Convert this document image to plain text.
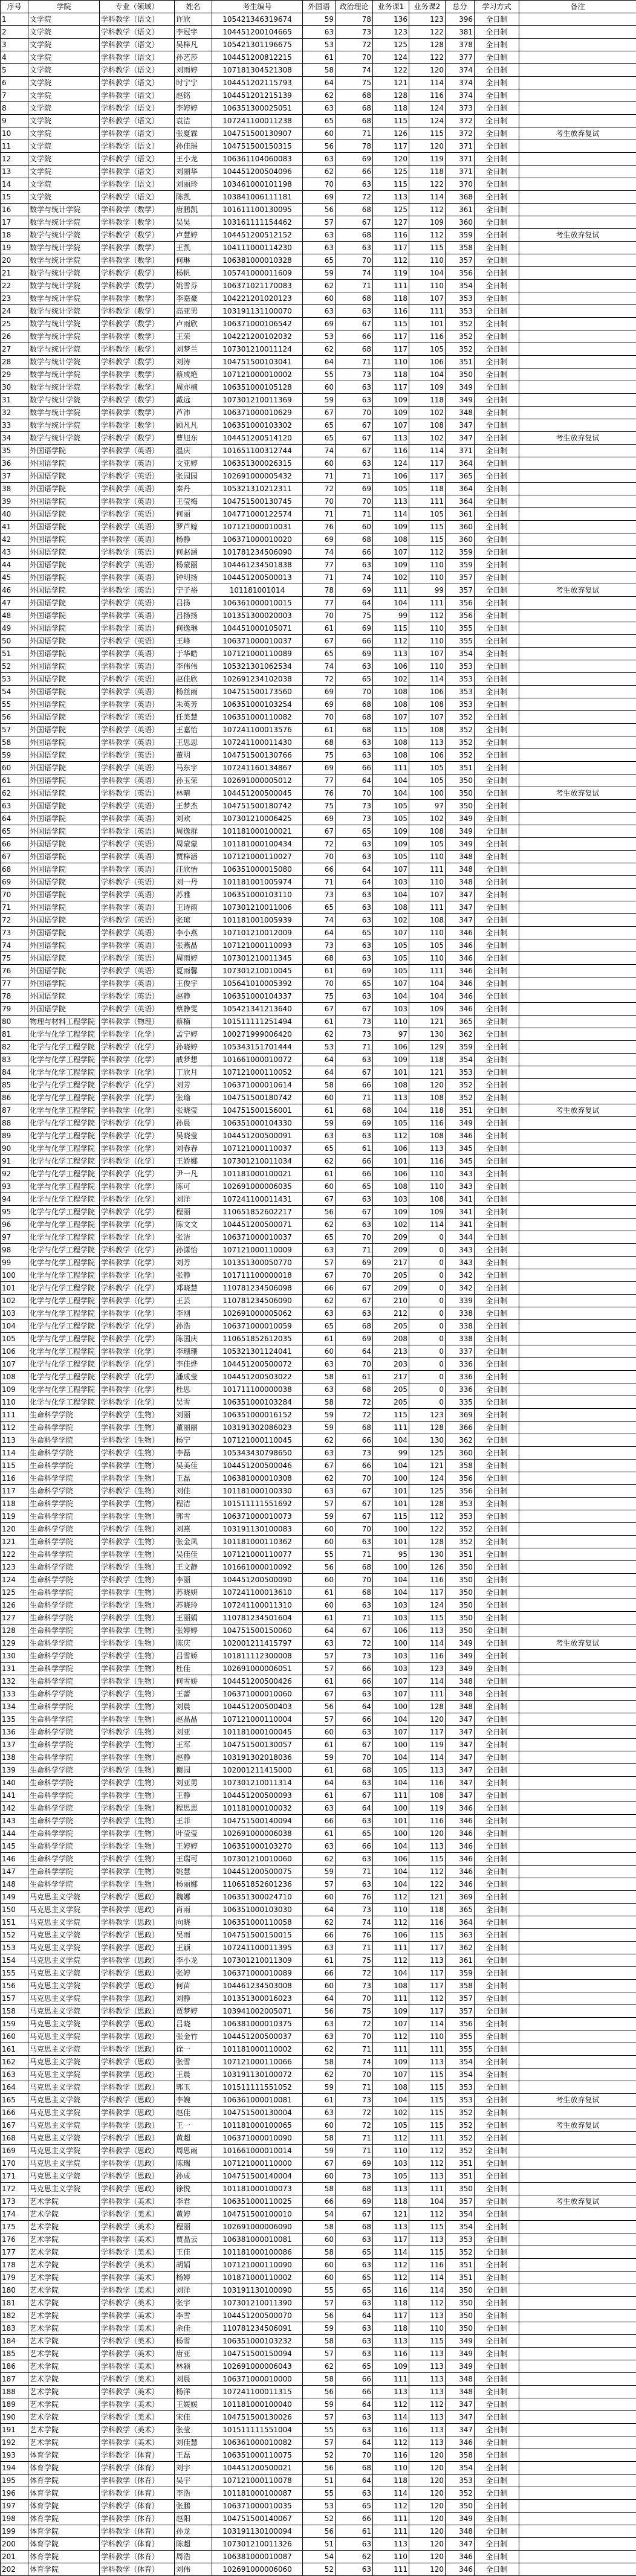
序号	学院	专业（领域）	姓名	考生编号	外国语	政治理论	业务课1	业务课2	总分	学习方式	备注
1	文学院	学科教学（语文）	许欣	105421346319674	59	78	136	123	396	全日制	
2	文学院	学科教学（语文）	李冠宇	104451200104665	63	73	123	122	381	全日制	
3	文学院	学科教学（语文）	吴梓凡	105421301196675	53	72	125	128	378	全日制	
4	文学院	学科教学（语文）	孙艺莎	104451200812215	61	70	124	122	377	全日制	
5	文学院	学科教学（语文）	刘雨婷	107181304521308	58	74	122	120	374	全日制	
6	文学院	学科教学（语文）	时宁宁	104451202115793	64	75	121	114	374	全日制	
7	文学院	学科教学（语文）	赵铭	104451201215139	62	68	128	116	374	全日制	
8	文学院	学科教学（语文）	李婷婷	106351300025051	63	68	118	124	373	全日制	
9	文学院	学科教学（语文）	袁洁	107241100011238	65	68	115	124	372	全日制	
10	文学院	学科教学（语文）	张夏霖	104751500130907	60	71	126	115	372	全日制	考生放弃复试
11	文学院	学科教学（语文）	孙佳瑶	104751500150315	56	78	117	120	371	全日制	
12	文学院	学科教学（语文）	王小龙	106361104060083	63	69	120	119	371	全日制	
13	文学院	学科教学（语文）	刘丽华	104451200504096	62	66	125	118	371	全日制	
14	文学院	学科教学（语文）	刘丽珍	103461000101198	70	63	115	122	370	全日制	
15	文学院	学科教学（语文）	陈凯	103841006111181	69	72	113	114	368	全日制	
16	数学与统计学院	学科教学（数学）	唐鹏凯	101611100130095	56	68	125	112	361	全日制	
17	数学与统计学院	学科教学（数学）	吴昊	103161111154462	57	67	127	109	360	全日制	
18	数学与统计学院	学科教学（数学）	卢慧婷	104451200512152	63	68	116	112	359	全日制	考生放弃复试
19	数学与统计学院	学科教学（数学）	王凯	104111000114230	63	63	117	115	358	全日制	
20	数学与统计学院	学科教学（数学）	何琳	106381000010328	65	70	112	110	357	全日制	
21	数学与统计学院	学科教学（数学）	杨帆	105741000011609	59	74	119	104	356	全日制	
22	数学与统计学院	学科教学（数学）	姚雪芬	106371021170083	62	71	111	110	354	全日制	
23	数学与统计学院	学科教学（数学）	李嘉豪	104221201020123	60	68	118	107	353	全日制	
24	数学与统计学院	学科教学（数学）	高亚男	103191131100070	63	63	116	111	353	全日制	
25	数学与统计学院	学科教学（数学）	卢雨欣	106371000106542	69	67	115	101	352	全日制	
26	数学与统计学院	学科教学（数学）	王荣	104221200102032	53	66	117	116	352	全日制	
27	数学与统计学院	学科教学（数学）	刘梦兰	107301210011124	62	68	117	105	352	全日制	
28	数学与统计学院	学科教学（数学）	刘涛	104751500103041	64	71	110	106	351	全日制	
29	数学与统计学院	学科教学（数学）	蔡成艳	107121000010002	55	73	118	104	350	全日制	
30	数学与统计学院	学科教学（数学）	周亦楠	106351000105128	60	63	117	109	349	全日制	
31	数学与统计学院	学科教学（数学）	戴远	107301210011369	59	63	109	118	349	全日制	
32	数学与统计学院	学科教学（数学）	芦沛	106371000010629	67	70	109	102	348	全日制	
33	数学与统计学院	学科教学（数学）	顾凡凡	106351000103302	65	67	107	108	347	全日制	
34	数学与统计学院	学科教学（数学）	曹旭东	104451200514120	65	67	113	102	347	全日制	考生放弃复试
35	外国语学院	学科教学（英语）	温庆	101651100312744	74	67	116	114	371	全日制	
36	外国语学院	学科教学（英语）	文亚婷	106351300026315	60	63	124	117	364	全日制	
37	外国语学院	学科教学（英语）	张园园	102691000005432	71	71	106	117	365	全日制	
38	外国语学院	学科教学（英语）	秦丹	105321310212311	72	69	105	118	364	全日制	
39	外国语学院	学科教学（英语）	王莹梅	104751500130745	70	70	113	111	364	全日制	
40	外国语学院	学科教学（英语）	何丽	104771000122574	71	71	114	105	361	全日制	
41	外国语学院	学科教学（英语）	罗芦嫁	107121000010031	76	60	109	115	360	全日制	
42	外国语学院	学科教学（英语）	杨静	106371000010020	69	68	108	115	360	全日制	
43	外国语学院	学科教学（英语）	何赵涵	101781234506090	74	66	107	112	359	全日制	
44	外国语学院	学科教学（英语）	杨蒙丽	104461234501838	77	63	109	110	359	全日制	
45	外国语学院	学科教学（英语）	钟明扬	104451200500013	71	74	102	110	357	全日制	
46	外国语学院	学科教学（英语）	宁子裕	101181001014	78	69	111	99	357	全日制	考生放弃复试
47	外国语学院	学科教学（英语）	吕扬	106361000010015	77	64	104	111	356	全日制	
48	外国语学院	学科教学（英语）	吕扬扬	101351300020003	70	75	99	112	356	全日制	
49	外国语学院	学科教学（英语）	何逸琳	104451000105071	61	69	115	110	355	全日制	
50	外国语学院	学科教学（英语）	王峰	106371000010037	67	66	112	110	355	全日制	
51	外国语学院	学科教学（英语）	于华皓	107121000110089	65	69	113	107	354	全日制	
52	外国语学院	学科教学（英语）	李伟伟	105321301062534	74	63	106	110	353	全日制	
53	外国语学院	学科教学（英语）	赵佳欣	102691234102038	72	65	102	114	353	全日制	
54	外国语学院	学科教学（英语）	杨丝雨	104751500173560	69	70	108	106	353	全日制	
55	外国语学院	学科教学（英语）	朱英芳	106351000103254	69	68	108	108	353	全日制	
56	外国语学院	学科教学（英语）	任美慧	106351000110082	70	68	107	107	352	全日制	
57	外国语学院	学科教学（英语）	王嘉怡	107241100013576	61	68	115	108	352	全日制	
58	外国语学院	学科教学（英语）	王思思	107241100011430	68	63	108	113	352	全日制	
59	外国语学院	学科教学（英语）	董明	104751500130766	75	63	108	106	352	全日制	
60	外国语学院	学科教学（英语）	马东宇	107241160134867	69	66	111	105	351	全日制	
61	外国语学院	学科教学（英语）	孙玉荣	102691000005012	77	64	104	105	350	全日制	
62	外国语学院	学科教学（英语）	林晴	104451200500045	76	70	104	100	350	全日制	考生放弃复试
63	外国语学院	学科教学（英语）	王梦杰	104751500180742	75	73	105	97	350	全日制	
64	外国语学院	学科教学（英语）	刘欢	107301210006425	69	73	105	102	349	全日制	
65	外国语学院	学科教学（英语）	周逸群	101181000100021	67	65	109	108	349	全日制	
66	外国语学院	学科教学（英语）	周蒙蒙	101181000100434	72	63	109	105	349	全日制	
67	外国语学院	学科教学（英语）	贾梓涵	107121000110027	70	63	105	110	348	全日制	
68	外国语学院	学科教学（英语）	汪欣怡	106351000015080	66	64	107	111	348	全日制	
69	外国语学院	学科教学（英语）	刘一丹	101181001005974	71	64	103	110	348	全日制	
70	外国语学院	学科教学（英语）	苏雅	106351000103110	73	63	104	107	347	全日制	
71	外国语学院	学科教学（英语）	王诗雨	107301210011006	65	63	108	111	347	全日制	
72	外国语学院	学科教学（英语）	张琼	101181001005939	74	63	102	108	347	全日制	
73	外国语学院	学科教学（英语）	李小燕	107101210012009	64	65	107	110	346	全日制	
74	外国语学院	学科教学（英语）	张燕晶	107121000110093	73	63	105	105	346	全日制	
75	外国语学院	学科教学（英语）	周雨婷	107301210011345	68	63	105	110	346	全日制	
76	外国语学院	学科教学（英语）	夏雨馨	107301210010045	61	69	105	111	346	全日制	
77	外国语学院	学科教学（英语）	王俊宇	105641010005392	70	65	107	104	346	全日制	
78	外国语学院	学科教学（英语）	赵静	106351000104337	75	63	104	104	346	全日制	
79	外国语学院	学科教学（英语）	蔡静雯	105421341213640	67	67	103	109	346	全日制	
80	物理与材料工程学院	学科教学（物理）	蔡楠	101511111251494	61	73	110	121	365	全日制	
81	化学与化学工程学院	学科教学（化学）	孟宁婷	100271999006420	62	73	97	130	362	全日制	
82	化学与化学工程学院	学科教学（化学）	孙晓婷	105343151701444	53	71	106	129	359	全日制	
83	化学与化学工程学院	学科教学（化学）	戚梦想	101661000010072	64	63	109	118	354	全日制	
84	化学与化学工程学院	学科教学（化学）	丁欣月	107121000110052	64	67	101	121	353	全日制	
85	化学与化学工程学院	学科教学（化学）	刘芳	106371000010614	58	66	108	120	352	全日制	
86	化学与化学工程学院	学科教学（化学）	张瑜	104751500180742	60	71	113	108	352	全日制	
87	化学与化学工程学院	学科教学（化学）	张晓莹	104751500156001	61	68	104	118	351	全日制	考生放弃复试
88	化学与化学工程学院	学科教学（化学）	孙晨	106351000104330	59	69	105	116	349	全日制	
89	化学与化学工程学院	学科教学（化学）	吴晓莹	104451200500091	63	63	112	108	346	全日制	
90	化学与化学工程学院	学科教学（化学）	刘春春	107121000110037	65	61	106	113	345	全日制	
91	化学与化学工程学院	学科教学（化学）	王娇娜	107301210011034	62	66	101	116	345	全日制	
92	化学与化学工程学院	学科教学（化学）	尹一凡	101181000100021	61	66	106	110	343	全日制	
93	化学与化学工程学院	学科教学（化学）	陈可	102691000006035	60	65	108	110	343	全日制	
94	化学与化学工程学院	学科教学（化学）	刘洋	107241100011431	67	63	103	108	341	全日制	
95	化学与化学工程学院	学科教学（化学）	程丽	110651852602217	56	67	109	109	341	全日制	
96	化学与化学工程学院	学科教学（化学）	陈文文	104451200500071	62	63	102	114	341	全日制	
97	化学与化学工程学院	学科教学（化学）	张洁	106371000010037	65	70	209	0	344	全日制	
98	化学与化学工程学院	学科教学（化学）	孙潇怡	107121000110009	63	71	209	0	343	全日制	
99	化学与化学工程学院	学科教学（化学）	刘芳	101351300050770	57	69	217	0	343	全日制	
100	化学与化学工程学院	学科教学（化学）	张静	101711100000018	67	70	205	0	342	全日制	
101	化学与化学工程学院	学科教学（化学）	邓晓慧	110781234506098	66	67	209	0	342	全日制	
102	化学与化学工程学院	学科教学（化学）	王芸	110781234506090	62	67	210	0	339	全日制	
103	化学与化学工程学院	学科教学（化学）	李刚	102691000005062	63	63	212	0	338	全日制	
104	化学与化学工程学院	学科教学（化学）	孙浩	106371000010059	65	68	205	0	338	全日制	
105	化学与化学工程学院	学科教学（化学）	陈国庆	110651852612035	61	69	208	0	338	全日制	
106	化学与化学工程学院	学科教学（化学）	李珊珊	105321301124041	60	64	213	0	337	全日制	
107	化学与化学工程学院	学科教学（化学）	李佳烨	104451200500072	63	70	203	0	336	全日制	
108	化学与化学工程学院	学科教学（化学）	潘成莹	104451200503022	58	61	217	0	336	全日制	
109	化学与化学工程学院	学科教学（化学）	杜思	101711100000038	63	68	205	0	336	全日制	
110	化学与化学工程学院	学科教学（化学）	吴雪	106351000103284	58	72	205	0	335	全日制	
111	生命科学学院	学科教学（生物）	刘丽	106351000016152	59	72	115	123	369	全日制	
112	生命科学学院	学科教学（生物）	董丽丽	103191302086023	59	68	111	128	366	全日制	
113	生命科学学院	学科教学（生物）	杨宁	107121000110045	62	66	104	130	362	全日制	
114	生命科学学院	学科教学（生物）	李磊	105343430798650	63	73	99	125	360	全日制	
115	生命科学学院	学科教学（生物）	吴美佳	104451200500046	67	66	104	121	358	全日制	
116	生命科学学院	学科教学（生物）	王磊	106381000010308	62	70	100	124	356	全日制	
117	生命科学学院	学科教学（生物）	刘佳	101181000100330	63	67	101	125	356	全日制	
118	生命科学学院	学科教学（生物）	程洁	101511111551692	57	67	101	128	353	全日制	
119	生命科学学院	学科教学（生物）	郭雪	106371000010073	59	67	115	112	353	全日制	
120	生命科学学院	学科教学（生物）	刘燕	103191130100083	60	70	100	122	352	全日制	
121	生命科学学院	学科教学（生物）	张金凤	101181000110362	60	63	101	128	352	全日制	
122	生命科学学院	学科教学（生物）	吴佳佳	107121000110077	55	71	95	130	351	全日制	
123	生命科学学院	学科教学（生物）	王文静	101661000010092	56	68	100	126	350	全日制	
124	生命科学学院	学科教学（生物）	李丽	104451200500090	60	70	104	116	350	全日制	
125	生命科学学院	学科教学（生物）	苏晓妍	107241100013610	61	68	104	117	350	全日制	
126	生命科学学院	学科教学（生物）	苏晓玲	107241100011310	60	63	103	124	350	全日制	
127	生命科学学院	学科教学（生物）	王丽娟	110781234501604	61	71	103	115	350	全日制	
128	生命科学学院	学科教学（生物）	张婷婷	104751500150060	64	67	106	113	350	全日制	
129	生命科学学院	学科教学（生物）	陈庆	102001211415797	63	72	100	114	349	全日制	考生放弃复试
130	生命科学学院	学科教学（生物）	吕雪娇	101811112300008	57	73	103	116	349	全日制	
131	生命科学学院	学科教学（生物）	杜佳	102691000006051	57	66	103	123	349	全日制	
132	生命科学学院	学科教学（生物）	何雪娇	104451200500426	61	66	107	114	348	全日制	
133	生命科学学院	学科教学（生物）	王蕾	106371000010060	67	63	107	111	348	全日制	
134	生命科学学院	学科教学（生物）	刘晨	104451200500403	56	64	100	128	348	全日制	
135	生命科学学院	学科教学（生物）	赵晶晶	107121000110004	57	66	104	120	347	全日制	
136	生命科学学院	学科教学（生物）	刘亚	101181000100045	60	63	107	117	347	全日制	
137	生命科学学院	学科教学（生物）	王军	104751500130057	61	67	100	119	347	全日制	
138	生命科学学院	学科教学（生物）	赵静	103191302018036	59	70	104	114	347	全日制	
139	生命科学学院	学科教学（生物）	谢园	102001211415000	61	68	105	113	347	全日制	
140	生命科学学院	学科教学（生物）	刘亚男	107301210011314	64	63	104	116	347	全日制	
141	生命科学学院	学科教学（生物）	王静	104451200500093	61	67	111	108	347	全日制	
142	生命科学学院	学科教学（生物）	程思思	101181000100032	63	64	100	119	346	全日制	
143	生命科学学院	学科教学（生物）	王菲	104751500140094	66	63	101	116	346	全日制	
144	生命科学学院	学科教学（生物）	叶莹莹	102691000006038	61	65	100	120	346	全日制	
145	生命科学学院	学科教学（生物）	王婷婷	106351000103270	63	66	104	113	346	全日制	
146	生命科学学院	学科教学（生物）	王瑞可	107301210010060	62	63	106	115	346	全日制	
147	生命科学学院	学科教学（生物）	姚慧	104451200500075	59	71	104	112	346	全日制	
148	生命科学学院	学科教学（生物）	杨丽娜	110651852601236	57	63	104	122	346	全日制	
149	马克思主义学院	学科教学（思政）	魏娜	106351300024710	60	76	112	121	369	全日制	
150	马克思主义学院	学科教学（思政）	肖雨	106351000103030	64	73	110	118	365	全日制	
151	马克思主义学院	学科教学（思政）	向晓	106351000110058	62	74	112	116	364	全日制	
152	马克思主义学院	学科教学（思政）	吴雨	104751500150015	66	76	106	115	363	全日制	
153	马克思主义学院	学科教学（思政）	王颖	107241100011395	63	71	111	117	362	全日制	
154	马克思主义学院	学科教学（思政）	李小龙	107301210011309	61	75	112	113	361	全日制	
155	马克思主义学院	学科教学（思政）	张婷	106371000010089	66	72	104	117	359	全日制	
156	马克思主义学院	学科教学（思政）	何苗	104461234503008	60	73	108	117	358	全日制	
157	马克思主义学院	学科教学（思政）	刘静	101351300016023	64	70	111	112	357	全日制	
158	马克思主义学院	学科教学（思政）	贾梦婷	103941002005071	56	75	109	117	357	全日制	
159	马克思主义学院	学科教学（思政）	吕晓	106381000010375	63	72	107	114	356	全日制	
160	马克思主义学院	学科教学（思政）	张金竹	104451200500037	63	70	112	110	355	全日制	
161	马克思主义学院	学科教学（思政）	徐一	101181000110002	62	71	111	111	355	全日制	
162	马克思主义学院	学科教学（思政）	张雪	107121000110066	58	74	109	113	354	全日制	
163	马克思主义学院	学科教学（思政）	王晨	103191130100072	62	70	107	115	354	全日制	
164	马克思主义学院	学科教学（思政）	郭玉	101511111551052	59	71	108	115	353	全日制	
165	马克思主义学院	学科教学（思政）	李婉	106361000010081	61	73	104	115	353	全日制	考生放弃复试
166	马克思主义学院	学科教学（思政）	赵佳	104751500130004	63	72	102	115	352	全日制	
167	马克思主义学院	学科教学（思政）	王一	101181000100065	60	72	105	115	352	全日制	考生放弃复试
168	马克思主义学院	学科教学（思政）	黄超	106371000010090	58	71	112	111	352	全日制	
169	马克思主义学院	学科教学（思政）	周思雨	101661000010014	59	71	110	112	352	全日制	
170	马克思主义学院	学科教学（思政）	陈瑞	107121000110000	67	69	103	112	351	全日制	
171	马克思主义学院	学科教学（思政）	孙成	104751500140004	60	73	105	113	351	全日制	
172	马克思主义学院	学科教学（思政）	徐悦	101181000100073	58	68	113	111	350	全日制	
173	艺术学院	学科教学（美术）	李君	106351000110025	66	69	118	104	357	全日制	考生放弃复试
174	艺术学院	学科教学（美术）	黄婷	104751500100010	54	67	121	112	354	全日制	
175	艺术学院	学科教学（美术）	程丽	102691000006090	58	68	113	115	354	全日制	
176	艺术学院	学科教学（美术）	贾晶云	106381000010081	60	63	117	113	353	全日制	
177	艺术学院	学科教学（美术）	王佳	101181000100086	58	65	114	115	352	全日制	
178	艺术学院	学科教学（美术）	胡娟	107121000110090	60	63	112	116	351	全日制	
179	艺术学院	学科教学（美术）	杨婷	101871000110002	60	65	112	114	351	全日制	
180	艺术学院	学科教学（美术）	刘洋	103191130100090	55	65	116	114	350	全日制	
181	艺术学院	学科教学（美术）	张宇	107301210011390	57	63	118	112	350	全日制	
182	艺术学院	学科教学（美术）	李雪	104451200500070	56	64	117	113	350	全日制	
183	艺术学院	学科教学（美术）	余佳	110781234506091	59	63	118	110	350	全日制	
184	艺术学院	学科教学（美术）	杨雪	106351000103232	58	63	113	115	349	全日制	
185	艺术学院	学科教学（美术）	唐亚	104751500150094	57	63	116	113	349	全日制	
186	艺术学院	学科教学（美术）	林颖	102691000006043	62	65	109	113	349	全日制	
187	艺术学院	学科教学（美术）	刘晨	106371000010000	58	66	111	113	348	全日制	
188	艺术学院	学科教学（美术）	杨洋	107241100011315	56	66	113	113	348	全日制	
189	艺术学院	学科教学（美术）	王媛媛	101181000100040	59	64	112	112	347	全日制	
190	艺术学院	学科教学（美术）	宋佳	104751500130026	57	63	114	113	347	全日制	
191	艺术学院	学科教学（美术）	张莹	101511111551004	55	63	116	113	347	全日制	
192	艺术学院	学科教学（美术）	刘佳慧	106361000010082	57	64	112	113	346	全日制	
193	体育学院	学科教学（体育）	王磊	106351000110075	52	70	116	120	358	全日制	
194	体育学院	学科教学（体育）	刘宇	104451200500021	56	68	110	120	354	全日制	
195	体育学院	学科教学（体育）	吴宇	107121000110078	51	64	118	120	353	全日制	
196	体育学院	学科教学（体育）	李浩	101181000100087	55	63	114	120	352	全日制	
197	体育学院	学科教学（体育）	张鹏	106371000010035	53	65	112	120	350	全日制	
198	体育学院	学科教学（体育）	赵阳	104751500140067	52	66	111	120	349	全日制	
199	体育学院	学科教学（体育）	孙龙	103191130100094	56	61	111	120	348	全日制	
200	体育学院	学科教学（体育）	陈超	107301210011326	51	63	113	120	347	全日制	
201	体育学院	学科教学（体育）	周浩	106381000010087	54	62	110	120	346	全日制	
202	体育学院	学科教学（体育）	刘伟	102691000006060	52	63	111	120	346	全日制	
